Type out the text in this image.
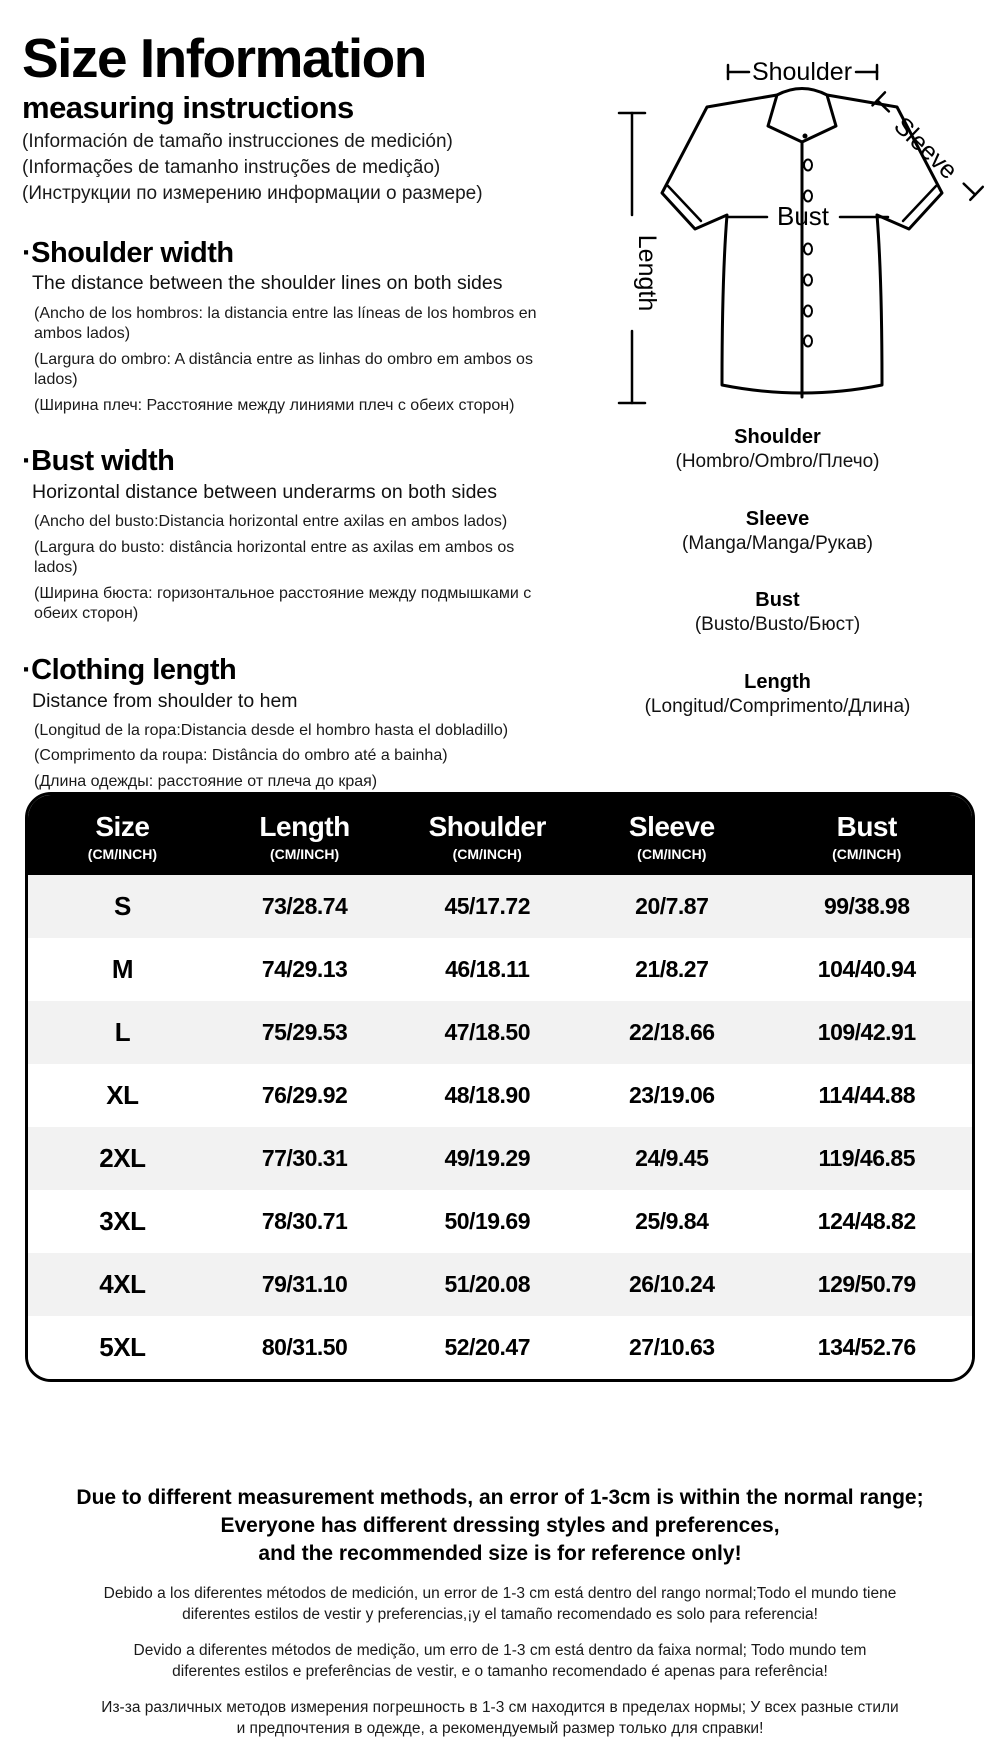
Size Information
measuring instructions

(Información de tamaño instrucciones de medición)

(Informações de tamanho instruções de medição)

(Инструкции по измерению информации о размере)

·Shoulder width

The distance between the shoulder lines on both sides

(Ancho de los hombros: la distancia entre las líneas de los hombros en ambos lados)

(Largura do ombro: A distância entre as linhas do ombro em ambos os lados)

(Ширина плеч: Расстояние между линиями плеч с обеих сторон)

·Bust width

Horizontal distance between underarms on both sides

(Ancho del busto:Distancia horizontal entre axilas en ambos lados)

(Largura do busto: distância horizontal entre as axilas em ambos os lados)

(Ширина бюста: горизонтальное расстояние между подмышками с обеих сторон)

·Clothing length

Distance from shoulder to hem

(Longitud de la ropa:Distancia desde el hombro hasta el dobladillo)

(Comprimento da roupa: Distância do ombro até a bainha)

(Длина одежды: расстояние от плеча до края)

Shoulder
Length
Bust
Sleeve
Shoulder
(Hombro/Ombro/Плечо)
Sleeve
(Manga/Manga/Рукав)
Bust
(Busto/Busto/Бюст)
Length
(Longitud/Comprimento/Длина)
Size
(CM/INCH)
Length
(CM/INCH)
Shoulder
(CM/INCH)
Sleeve
(CM/INCH)
Bust
(CM/INCH)
S	73/28.74	45/17.72	20/7.87	99/38.98
M	74/29.13	46/18.11	21/8.27	104/40.94
L	75/29.53	47/18.50	22/18.66	109/42.91
XL	76/29.92	48/18.90	23/19.06	114/44.88
2XL	77/30.31	49/19.29	24/9.45	119/46.85
3XL	78/30.71	50/19.69	25/9.84	124/48.82
4XL	79/31.10	51/20.08	26/10.24	129/50.79
5XL	80/31.50	52/20.47	27/10.63	134/52.76
Due to different measurement methods, an error of 1-3cm is within the normal range;
Everyone has different dressing styles and preferences,
and the recommended size is for reference only!
Debido a los diferentes métodos de medición, un error de 1-3 cm está dentro del rango normal;Todo el mundo tiene
diferentes estilos de vestir y preferencias,¡y el tamaño recomendado es solo para referencia!
Devido a diferentes métodos de medição, um erro de 1-3 cm está dentro da faixa normal; Todo mundo tem
diferentes estilos e preferências de vestir, e o tamanho recomendado é apenas para referência!
Из-за различных методов измерения погрешность в 1-3 см находится в пределах нормы; У всех разные стили
и предпочтения в одежде, а рекомендуемый размер только для справки!
